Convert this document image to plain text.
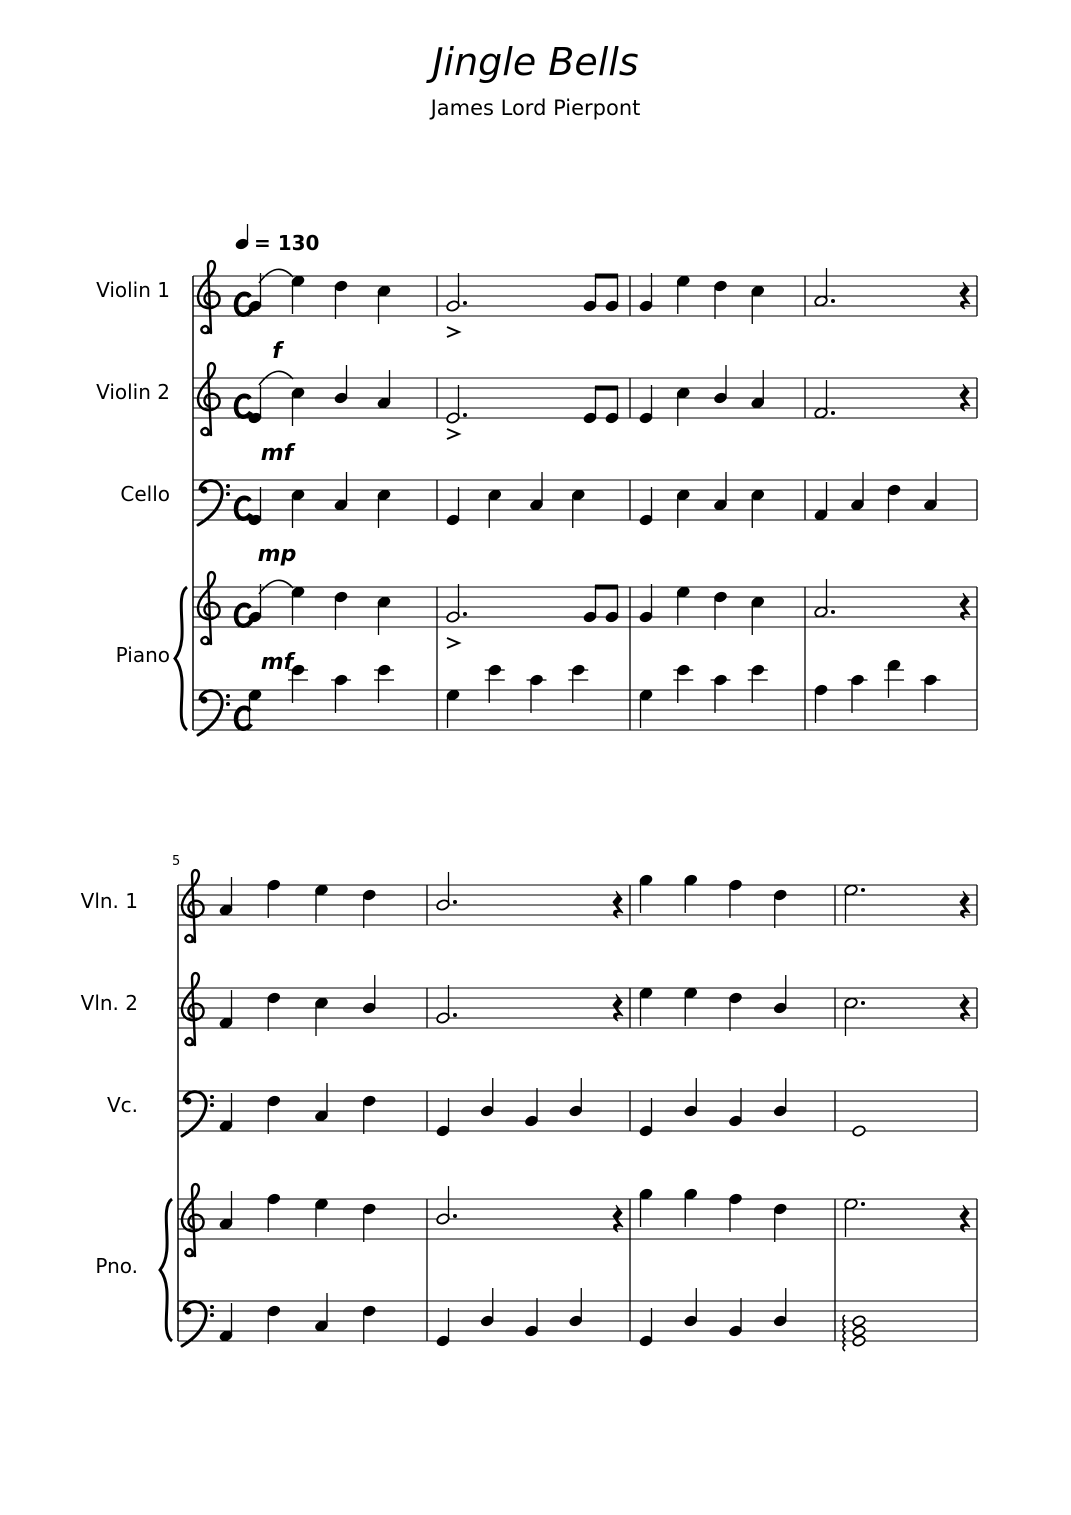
Jingle Bells
James Lord Pierpont
Violin 1
Violin 2
Cello
Piano
f
mf
mp
mf
= 130
Vln. 1
Vln. 2
Vc.
Pno.
5
